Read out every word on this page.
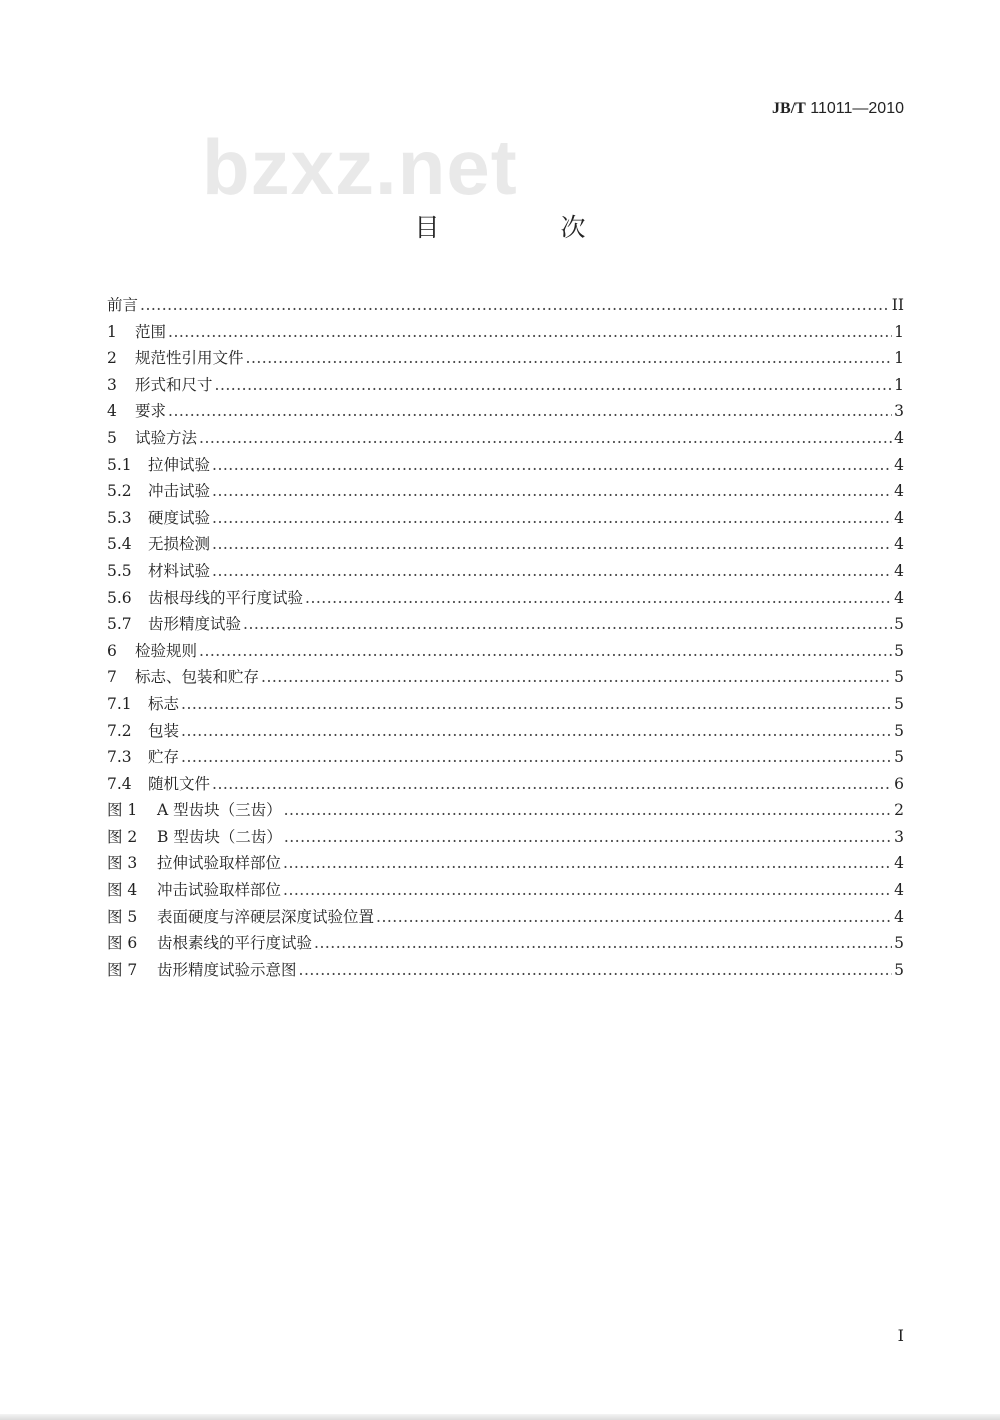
JB/T 11011—2010
bzxz.net
目　次
前言 .....	II
1	范围 .....	1
2	规范性引用文件 .....	1
3	形式和尺寸 .....	1
4	要求 .....	3
5	试验方法 .....	4
5.1	拉伸试验 .....	4
5.2	冲击试验 .....	4
5.3	硬度试验 .....	4
5.4	无损检测 .....	4
5.5	材料试验 .....	4
5.6	齿根母线的平行度试验 .....	4
5.7	齿形精度试验 .....	5
6	检验规则 .....	5
7	标志、包装和贮存 .....	5
7.1	标志 .....	5
7.2	包装 .....	5
7.3	贮存 .....	5
7.4	随机文件 .....	6
图 1	A 型齿块（三齿） .....	2
图 2	B 型齿块（二齿） .....	3
图 3	拉伸试验取样部位 .....	4
图 4	冲击试验取样部位 .....	4
图 5	表面硬度与淬硬层深度试验位置 .....	4
图 6	齿根素线的平行度试验 .....	5
图 7	齿形精度试验示意图 .....	5
I
